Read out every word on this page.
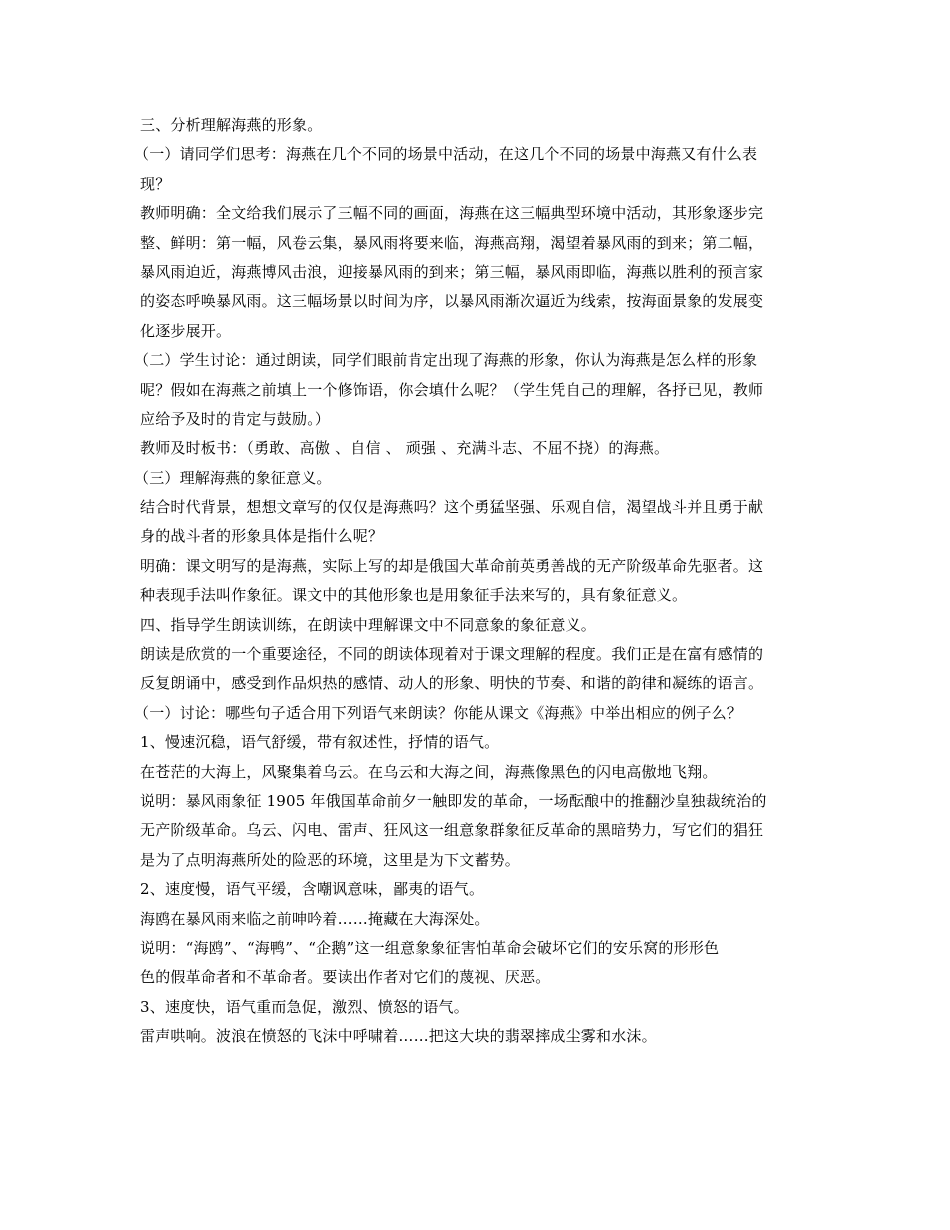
三、分析理解海燕的形象。
（一）请同学们思考：海燕在几个不同的场景中活动，在这几个不同的场景中海燕又有什么表
现？
教师明确：全文给我们展示了三幅不同的画面，海燕在这三幅典型环境中活动，其形象逐步完
整、鲜明：第一幅，风卷云集，暴风雨将要来临，海燕高翔，渴望着暴风雨的到来；第二幅，
暴风雨迫近，海燕博风击浪，迎接暴风雨的到来；第三幅，暴风雨即临，海燕以胜利的预言家
的姿态呼唤暴风雨。这三幅场景以时间为序，以暴风雨渐次逼近为线索，按海面景象的发展变
化逐步展开。
（二）学生讨论：通过朗读，同学们眼前肯定出现了海燕的形象，你认为海燕是怎么样的形象
呢？假如在海燕之前填上一个修饰语，你会填什么呢？（学生凭自己的理解，各抒已见，教师
应给予及时的肯定与鼓励。）
教师及时板书：（勇敢、高傲 、自信 、 顽强 、充满斗志、不屈不挠）的海燕。
（三）理解海燕的象征意义。
结合时代背景，想想文章写的仅仅是海燕吗？这个勇猛坚强、乐观自信，渴望战斗并且勇于献
身的战斗者的形象具体是指什么呢？
明确：课文明写的是海燕，实际上写的却是俄国大革命前英勇善战的无产阶级革命先驱者。这
种表现手法叫作象征。课文中的其他形象也是用象征手法来写的，具有象征意义。
四、指导学生朗读训练，在朗读中理解课文中不同意象的象征意义。
朗读是欣赏的一个重要途径，不同的朗读体现着对于课文理解的程度。我们正是在富有感情的
反复朗诵中，感受到作品炽热的感情、动人的形象、明快的节奏、和谐的韵律和凝练的语言。
（一）讨论：哪些句子适合用下列语气来朗读？你能从课文《海燕》中举出相应的例子么？
1、慢速沉稳，语气舒缓，带有叙述性，抒情的语气。
在苍茫的大海上，风聚集着乌云。在乌云和大海之间，海燕像黑色的闪电高傲地飞翔。
说明：暴风雨象征 1905 年俄国革命前夕一触即发的革命，一场酝酿中的推翻沙皇独裁统治的
无产阶级革命。乌云、闪电、雷声、狂风这一组意象群象征反革命的黑暗势力，写它们的猖狂
是为了点明海燕所处的险恶的环境，这里是为下文蓄势。
2、速度慢，语气平缓，含嘲讽意味，鄙夷的语气。
海鸥在暴风雨来临之前呻吟着……掩藏在大海深处。
说明：“海鸥”、“海鸭”、“企鹅”这一组意象象征害怕革命会破坏它们的安乐窝的形形色
色的假革命者和不革命者。要读出作者对它们的蔑视、厌恶。
3、速度快，语气重而急促，激烈、愤怒的语气。
雷声哄响。波浪在愤怒的飞沫中呼啸着……把这大块的翡翠摔成尘雾和水沫。
